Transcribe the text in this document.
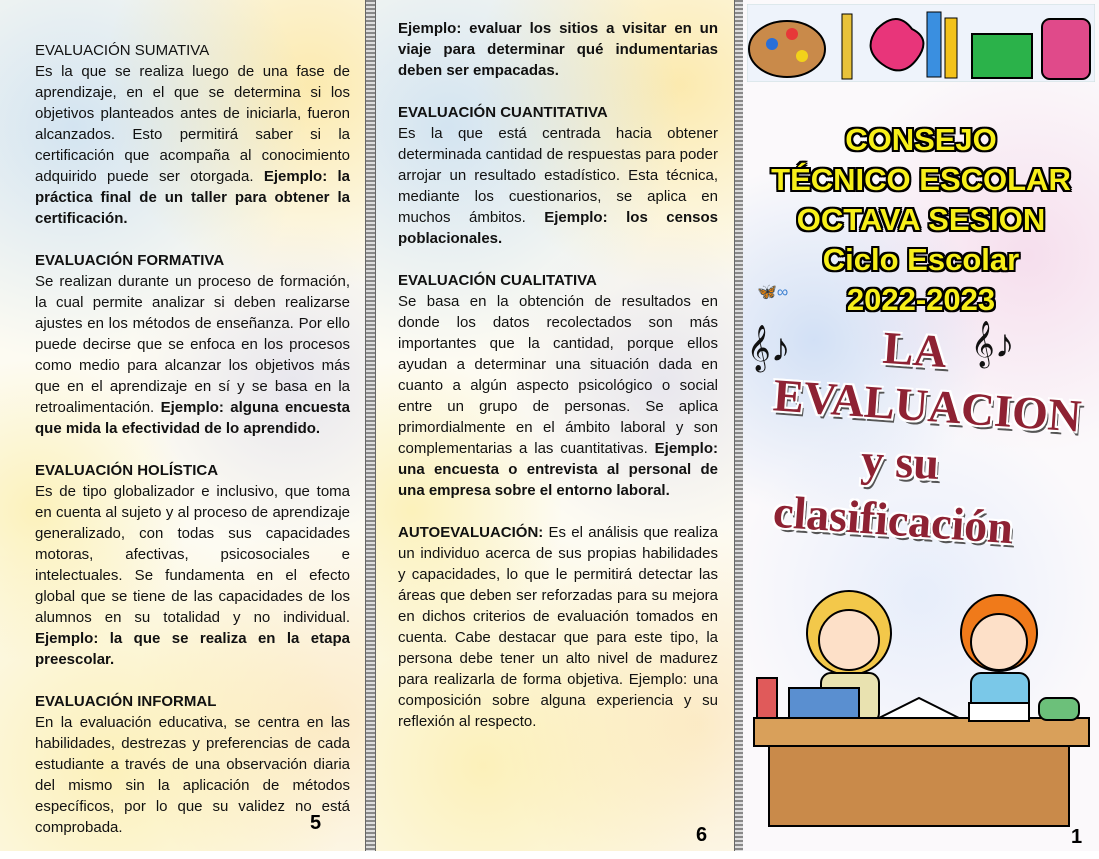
EVALUACIÓN SUMATIVA
Es la que se realiza luego de una fase de aprendizaje, en el que se determina si los objetivos planteados antes de iniciarla, fueron alcanzados. Esto permitirá saber si la certificación que acompaña al conocimiento adquirido puede ser otorgada. Ejemplo: la práctica final de un taller para obtener la certificación.
EVALUACIÓN FORMATIVA
Se realizan durante un proceso de formación, la cual permite analizar si deben realizarse ajustes en los métodos de enseñanza. Por ello puede decirse que se enfoca en los procesos como medio para alcanzar los objetivos más que en el aprendizaje en sí y se basa en la retroalimentación. Ejemplo: alguna encuesta que mida la efectividad de lo aprendido.
EVALUACIÓN HOLÍSTICA
Es de tipo globalizador e inclusivo, que toma en cuenta al sujeto y al proceso de aprendizaje generalizado, con todas sus capacidades motoras, afectivas, psicosociales e intelectuales. Se fundamenta en el efecto global que se tiene de las capacidades de los alumnos en su totalidad y no individual. Ejemplo: la que se realiza en la etapa preescolar.
EVALUACIÓN INFORMAL
En la evaluación educativa, se centra en las habilidades, destrezas y preferencias de cada estudiante a través de una observación diaria del mismo sin la aplicación de métodos específicos, por lo que su validez no está comprobada.	5
Ejemplo: evaluar los sitios a visitar en un viaje para determinar qué indumentarias deben ser empacadas.
EVALUACIÓN CUANTITATIVA
Es la que está centrada hacia obtener determinada cantidad de respuestas para poder arrojar un resultado estadístico. Esta técnica, mediante los cuestionarios, se aplica en muchos ámbitos. Ejemplo: los censos poblacionales.
EVALUACIÓN CUALITATIVA
Se basa en la obtención de resultados en donde los datos recolectados son más importantes que la cantidad, porque ellos ayudan a determinar una situación dada en cuanto a algún aspecto psicológico o social entre un grupo de personas. Se aplica primordialmente en el ámbito laboral y son complementarias a las cuantitativas. Ejemplo: una encuesta o entrevista al personal de una empresa sobre el entorno laboral.
AUTOEVALUACIÓN: Es el análisis que realiza un individuo acerca de sus propias habilidades y capacidades, lo que le permitirá detectar las áreas que deben ser reforzadas para su mejora en dichos criterios de evaluación tomados en cuenta. Cabe destacar que para este tipo, la persona debe tener un alto nivel de madurez para realizarla de forma objetiva. Ejemplo: una composición sobre alguna experiencia y su reflexión al respecto.
6
CONSEJO
TÉCNICO ESCOLAR
OCTAVA SESION
Ciclo Escolar
2022-2023
🦋∞
𝄞♪	𝄞♪
LA
EVALUACION
y su
clasificación
1
